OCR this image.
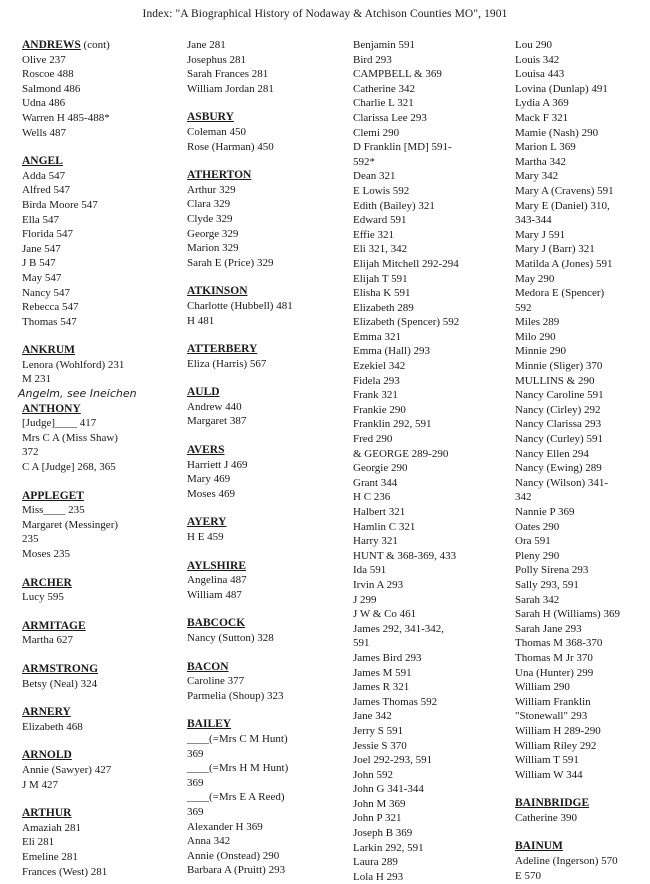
Index: "A Biographical History of Nodaway & Atchison Counties MO", 1901
ANDREWS (cont)
Olive 237
Roscoe 488
Salmond 486
Udna 486
Warren H 485-488*
Wells 487
ANGEL
Adda 547
Alfred 547
Birda Moore 547
Ella 547
Florida 547
Jane 547
J B 547
May 547
Nancy 547
Rebecca 547
Thomas 547
ANKRUM
Lenora (Wohlford) 231
M 231
Angelm, see Ineichen
ANTHONY
[Judge]____ 417
Mrs C A (Miss Shaw)
372
C A [Judge] 268, 365
APPLEGET
Miss____ 235
Margaret (Messinger)
235
Moses 235
ARCHER
Lucy 595
ARMITAGE
Martha 627
ARMSTRONG
Betsy (Neal) 324
ARNERY
Elizabeth 468
ARNOLD
Annie (Sawyer) 427
J M 427
ARTHUR
Amaziah 281
Eli 281
Emeline 281
Frances (West) 281
Jane 281
Josephus 281
Sarah Frances 281
William Jordan 281
ASBURY
Coleman 450
Rose (Harman) 450
ATHERTON
Arthur 329
Clara 329
Clyde 329
George 329
Marion 329
Sarah E (Price) 329
ATKINSON
Charlotte (Hubbell) 481
H 481
ATTERBERY
Eliza (Harris) 567
AULD
Andrew 440
Margaret 387
AVERS
Harriett J 469
Mary 469
Moses 469
AYERY
H E 459
AYLSHIRE
Angelina 487
William 487
BABCOCK
Nancy (Sutton) 328
BACON
Caroline 377
Parmelia (Shoup) 323
BAILEY
____(=Mrs C M Hunt)
369
____(=Mrs H M Hunt)
369
____(=Mrs E A Reed)
369
Alexander H 369
Anna 342
Annie (Onstead) 290
Barbara A (Pruitt) 293
Benjamin 591
Bird 293
CAMPBELL & 369
Catherine 342
Charlie L 321
Clarissa Lee 293
Clemi 290
D Franklin [MD] 591-
592*
Dean 321
E Lowis 592
Edith (Bailey) 321
Edward 591
Effie 321
Eli 321, 342
Elijah Mitchell 292-294
Elijah T 591
Elisha K 591
Elizabeth 289
Elizabeth (Spencer) 592
Emma 321
Emma (Hall) 293
Ezekiel 342
Fidela 293
Frank 321
Frankie 290
Franklin 292, 591
Fred 290
& GEORGE 289-290
Georgie 290
Grant 344
H C 236
Halbert 321
Hamlin C 321
Harry 321
HUNT & 368-369, 433
Ida 591
Irvin A 293
J 299
J W & Co 461
James 292, 341-342,
591
James Bird 293
James M 591
James R 321
James Thomas 592
Jane 342
Jerry S 591
Jessie S 370
Joel 292-293, 591
John 592
John G 341-344
John M 369
John P 321
Joseph B 369
Larkin 292, 591
Laura 289
Lola H 293
Lou 290
Louis 342
Louisa 443
Lovina (Dunlap) 491
Lydia A 369
Mack F 321
Mamie (Nash) 290
Marion L 369
Martha 342
Mary 342
Mary A (Cravens) 591
Mary E (Daniel) 310,
343-344
Mary J 591
Mary J (Barr) 321
Matilda A (Jones) 591
May 290
Medora E (Spencer)
592
Miles 289
Milo 290
Minnie 290
Minnie (Sliger) 370
MULLINS & 290
Nancy Caroline 591
Nancy (Cirley) 292
Nancy Clarissa 293
Nancy (Curley) 591
Nancy Ellen 294
Nancy (Ewing) 289
Nancy (Wilson) 341-
342
Nannie P 369
Oates 290
Ora 591
Pleny 290
Polly Sirena 293
Sally 293, 591
Sarah 342
Sarah H (Williams) 369
Sarah Jane 293
Thomas M 368-370
Thomas M Jr 370
Una (Hunter) 299
William 290
William Franklin
"Stonewall" 293
William H 289-290
William Riley 292
William T 591
William W 344
BAINBRIDGE
Catherine 390
BAINUM
Adeline (Ingerson) 570
E 570
